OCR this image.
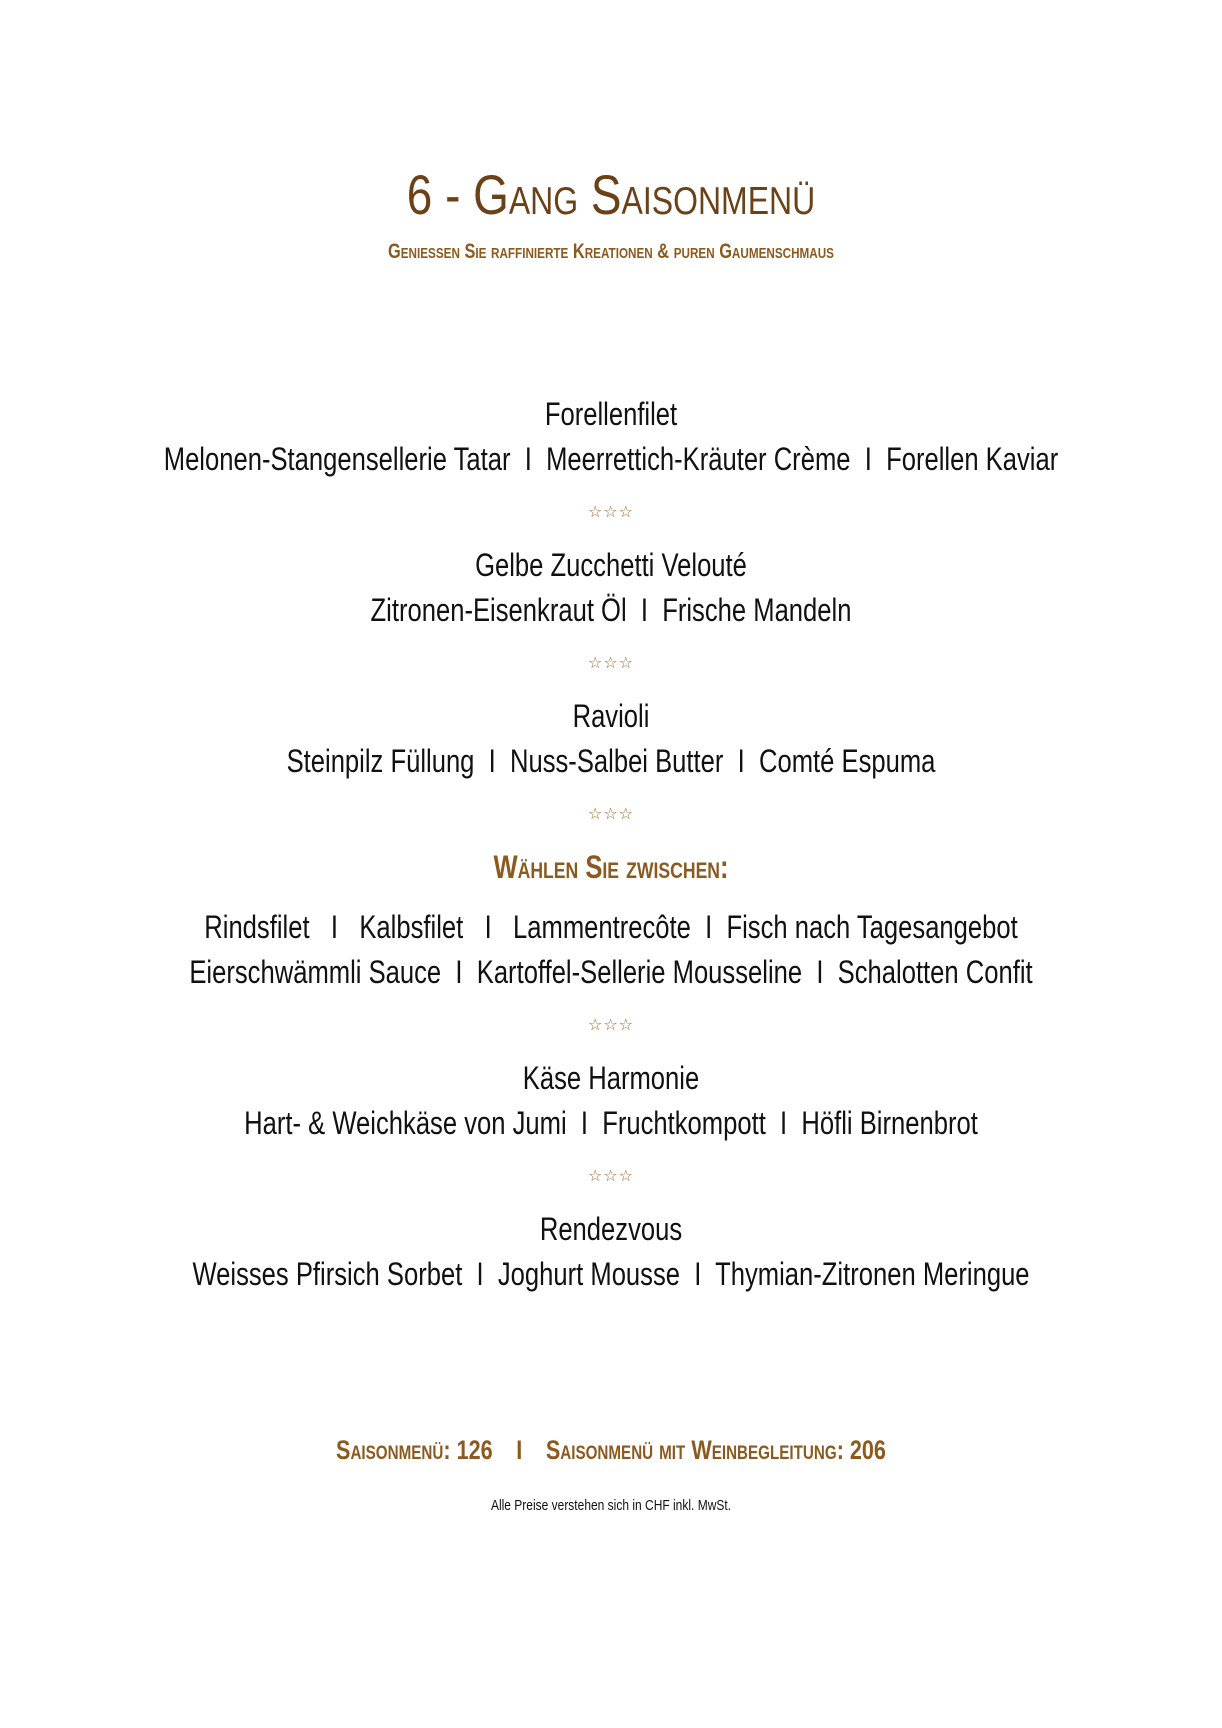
6 - Gang Saisonmenü
Geniessen Sie raffinierte Kreationen & puren Gaumenschmaus
Forellenfilet
Melonen-Stangensellerie Tatar  I  Meerrettich-Kräuter Crème  I  Forellen Kaviar
☆☆☆
Gelbe Zucchetti Velouté
Zitronen-Eisenkraut Öl  I  Frische Mandeln
☆☆☆
Ravioli
Steinpilz Füllung  I  Nuss-Salbei Butter  I  Comté Espuma
☆☆☆
Wählen Sie zwischen:
Rindsfilet   I   Kalbsfilet   I   Lammentrecôte  I  Fisch nach Tagesangebot
Eierschwämmli Sauce  I  Kartoffel-Sellerie Mousseline  I  Schalotten Confit
☆☆☆
Käse Harmonie
Hart- & Weichkäse von Jumi  I  Fruchtkompott  I  Höfli Birnenbrot
☆☆☆
Rendezvous
Weisses Pfirsich Sorbet  I  Joghurt Mousse  I  Thymian-Zitronen Meringue
Saisonmenü: 126 I Saisonmenü mit Weinbegleitung: 206
Alle Preise verstehen sich in CHF inkl. MwSt.
